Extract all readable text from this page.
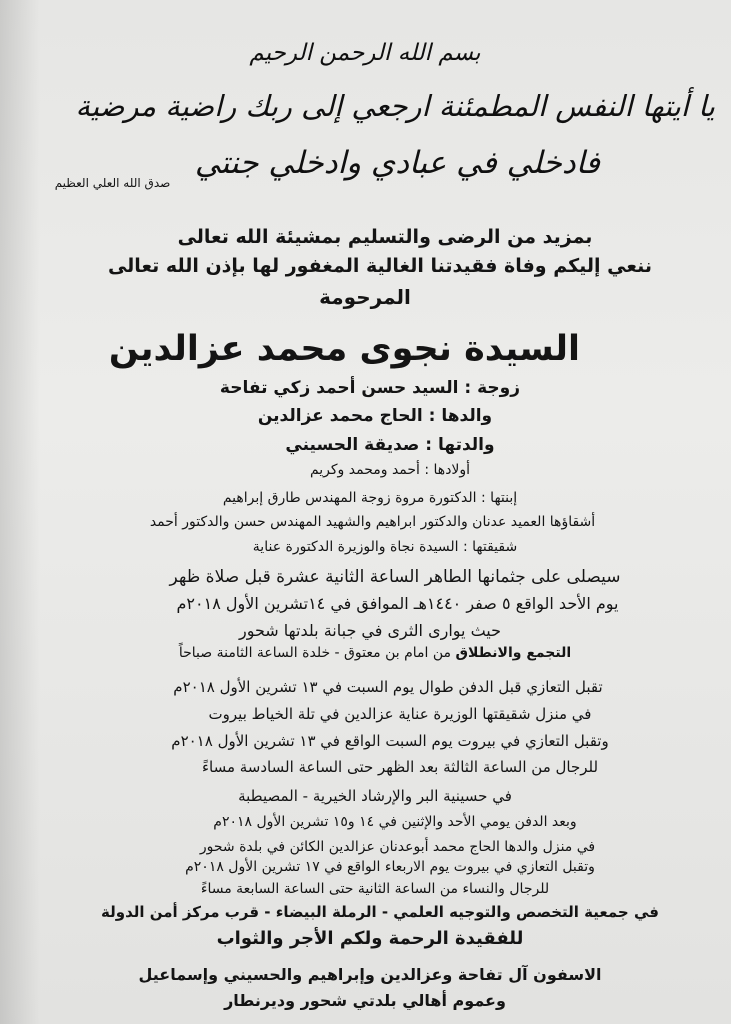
بسم الله الرحمن الرحيم
يا أيتها النفس المطمئنة ارجعي إلى ربك راضية مرضية
فادخلي في عبادي وادخلي جنتي
صدق الله العلي العظيم
بمزيد من الرضى والتسليم بمشيئة الله تعالى
ننعي إليكم وفاة فقيدتنا الغالية المغفور لها بإذن الله تعالى
المرحومة
السيدة نجوى محمد عزالدين
زوجة : السيد حسن أحمد زكي تفاحة
والدها : الحاج محمد عزالدين
والدتها : صديقة الحسيني
أولادها : أحمد ومحمد وكريم
إبنتها : الدكتورة مروة زوجة المهندس طارق إبراهيم
أشقاؤها العميد عدنان والدكتور ابراهيم والشهيد المهندس حسن والدكتور أحمد
شقيقتها : السيدة نجاة والوزيرة الدكتورة عناية
سيصلى على جثمانها الطاهر الساعة الثانية عشرة قبل صلاة ظهر
يوم الأحد الواقع ٥ صفر ١٤٤٠هـ الموافق في ١٤تشرين الأول ٢٠١٨م
حيث يوارى الثرى في جبانة بلدتها شحور
التجمع والانطلاق من امام بن معتوق - خلدة الساعة الثامنة صباحاً
تقبل التعازي قبل الدفن طوال يوم السبت في ١٣ تشرين الأول ٢٠١٨م
في منزل شقيقتها الوزيرة عناية عزالدين في تلة الخياط بيروت
وتقبل التعازي في بيروت يوم السبت الواقع في ١٣ تشرين الأول ٢٠١٨م
للرجال من الساعة الثالثة بعد الظهر حتى الساعة السادسة مساءً
في حسينية البر والإرشاد الخيرية - المصيطبة
وبعد الدفن يومي الأحد والإثنين في ١٤ و١٥ تشرين الأول ٢٠١٨م
في منزل والدها الحاج محمد أبوعدنان عزالدين الكائن في بلدة شحور
وتقبل التعازي في بيروت يوم الاربعاء الواقع في ١٧ تشرين الأول ٢٠١٨م
للرجال والنساء من الساعة الثانية حتى الساعة السابعة مساءً
في جمعية التخصص والتوجيه العلمي - الرملة البيضاء - قرب مركز أمن الدولة
للفقيدة الرحمة ولكم الأجر والثواب
الاسفون آل تفاحة وعزالدين وإبراهيم والحسيني وإسماعيل
وعموم أهالي بلدتي شحور وديرنطار
